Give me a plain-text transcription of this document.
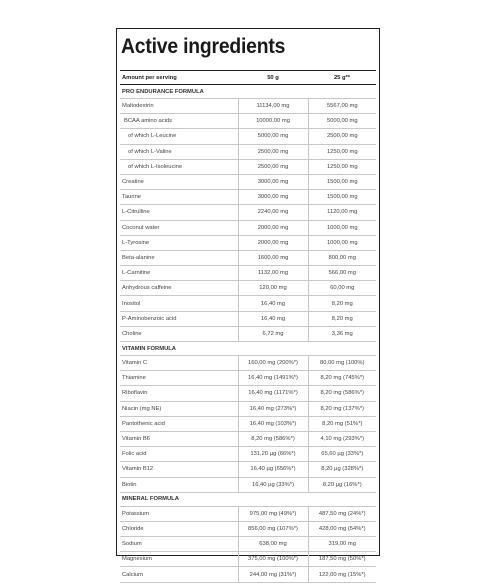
Active ingredients
Amount per serving	50 g	25 g**
PRO ENDURANCE FORMULA		
Maltodextrin	11134,00 mg	5567,00 mg
BCAA amino acids	10000,00 mg	5000,00 mg
of which L-Leucine	5000,00 mg	2500,00 mg
of which L-Valine	2500,00 mg	1250,00 mg
of which L-Isoleucine	2500,00 mg	1250,00 mg
Creatine	3000,00 mg	1500,00 mg
Taurine	3000,00 mg	1500,00 mg
L-Citrulline	2240,00 mg	1120,00 mg
Coconut water	2000,00 mg	1000,00 mg
L-Tyrosine	2000,00 mg	1000,00 mg
Beta-alanine	1600,00 mg	800,00 mg
L-Carnitine	1132,00 mg	566,00 mg
Anhydrous caffeine	120,00 mg	60,00 mg
Inositol	16,40 mg	8,20 mg
P-Aminobenzoic acid	16,40 mg	8,20 mg
Choline	6,72 mg	3,36 mg
VITAMIN FORMULA		
Vitamin C	160,00 mg (200%*)	80,00 mg (100%)
Thiamine	16,40 mg (1491%*)	8,20 mg (745%*)
Riboflavin	16,40 mg (1171%*)	8,20 mg (586%*)
Niacin (mg NE)	16,40 mg (273%*)	8,20 mg (137%*)
Pantothenic acid	16,40 mg (103%*)	8,20 mg (51%*)
Vitamin B6	8,20 mg (586%*)	4,10 mg (293%*)
Folic acid	131,20 µg (66%*)	65,60 µg (33%*)
Vitamin B12	16,40 µg (656%*)	8,20 µg (328%*)
Biotin	16,40 µg (33%*)	8,20 µg (16%*)
MINERAL FORMULA		
Potassium	975,00 mg (49%*)	487,50 mg (24%*)
Chloride	856,00 mg (107%*)	428,00 mg (54%*)
Sodium	638,00 mg	319,00 mg
Magnesium	375,00 mg (100%*)	187,50 mg (50%*)
Calcium	244,00 mg (31%*)	122,00 mg (15%*)
